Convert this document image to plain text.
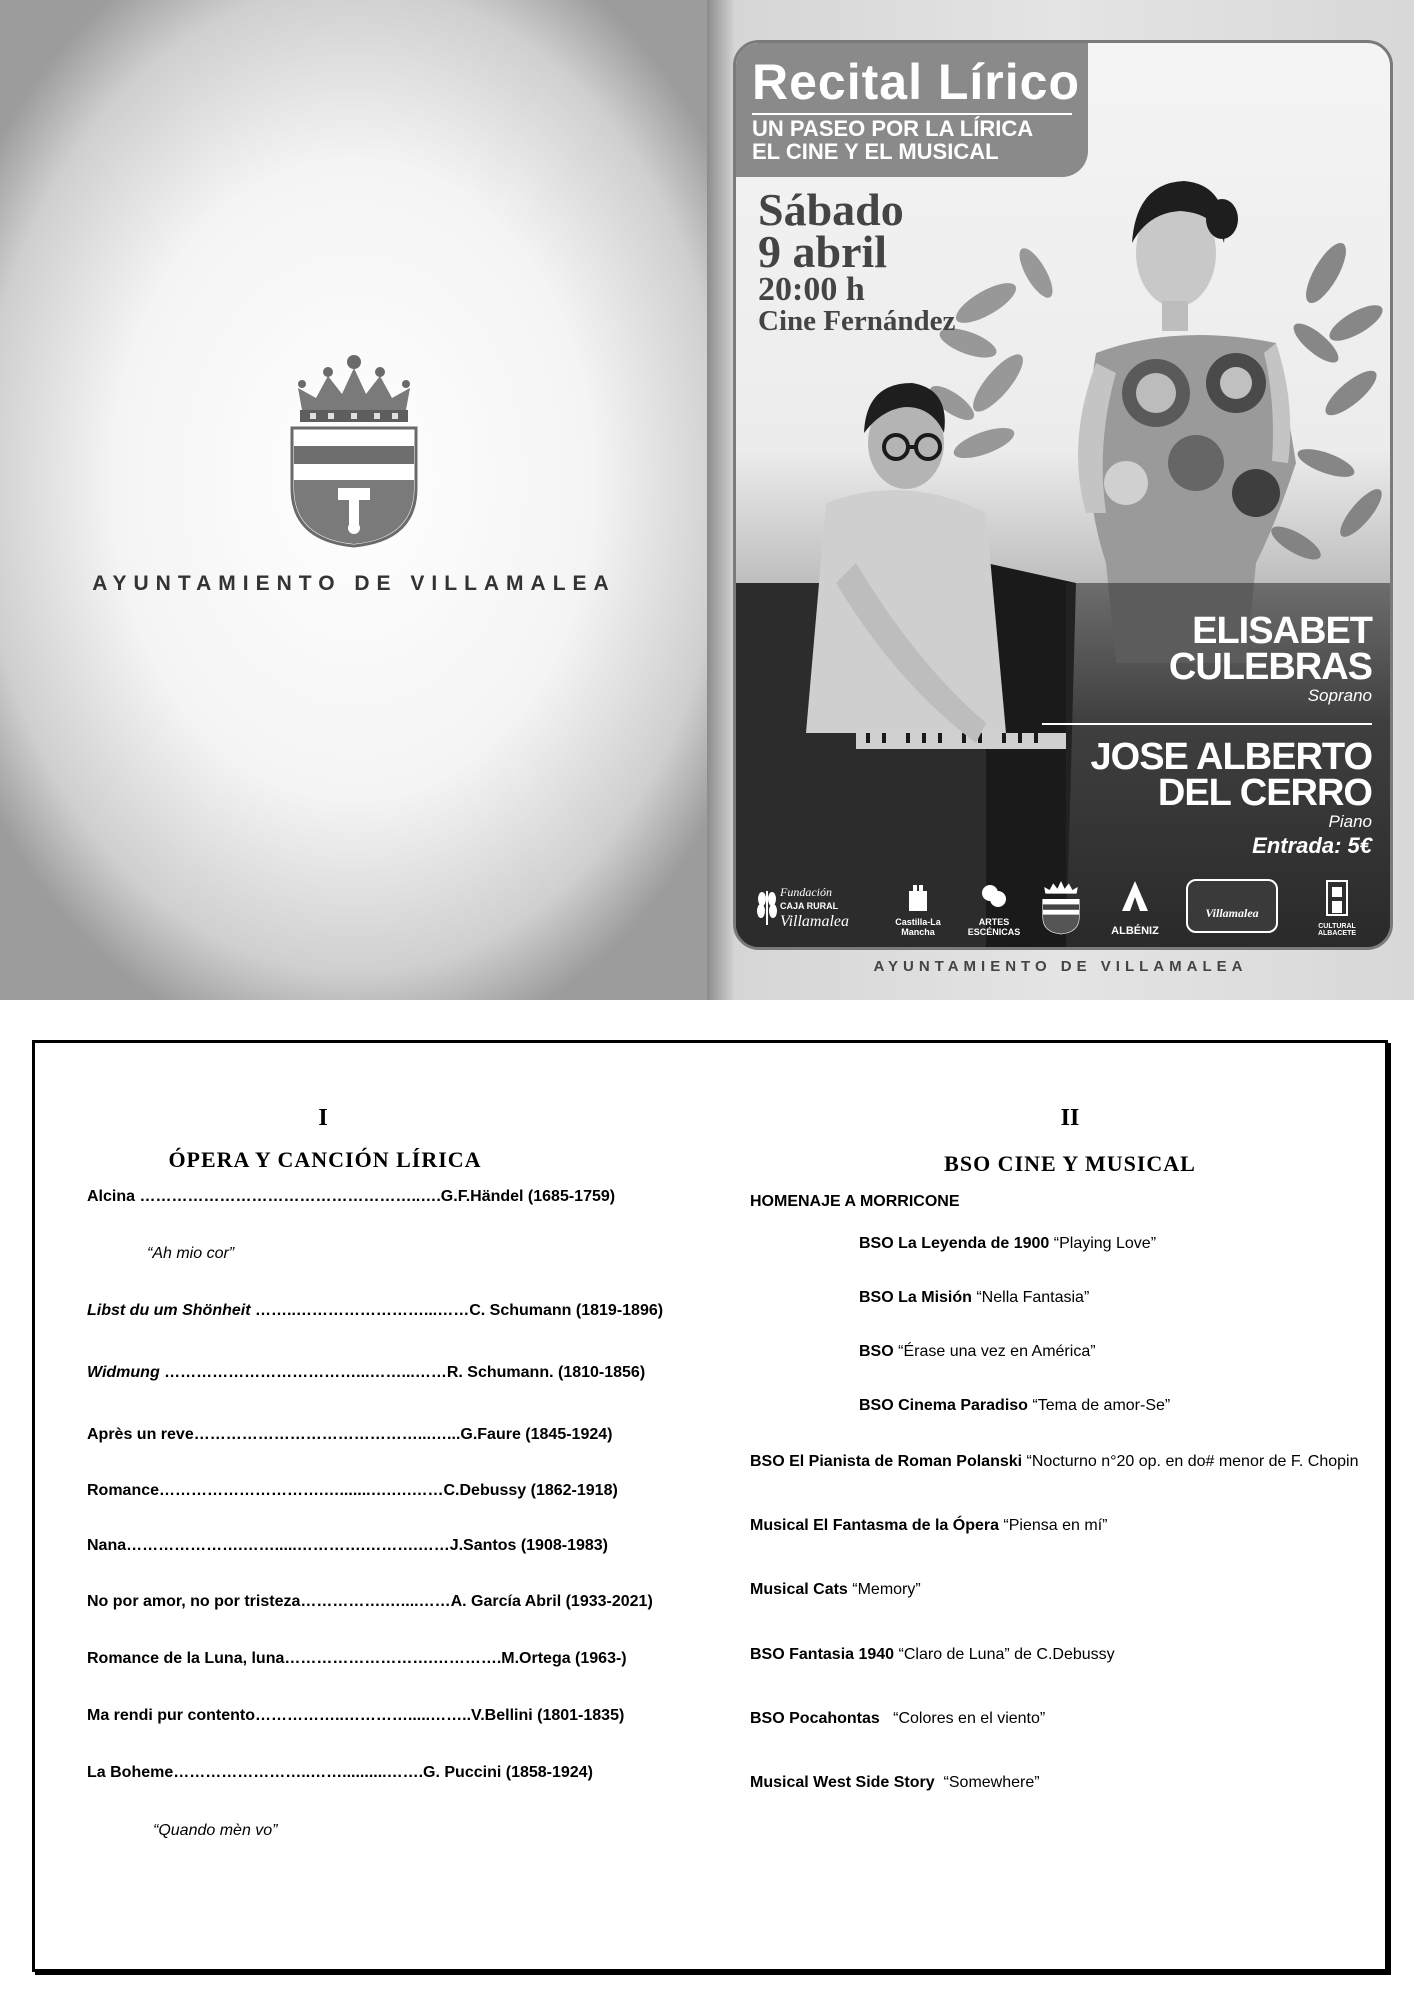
AYUNTAMIENTO DE VILLAMALEA
Recital Lírico
UN PASEO POR LA LÍRICA
EL CINE Y EL MUSICAL
Sábado
9 abril
20:00 h
Cine Fernández
ELISABET
CULEBRAS
Soprano
JOSE ALBERTO
DEL CERRO
Piano
Entrada: 5€
Fundación
CAJA RURAL
Villamalea	Castilla-La Mancha
ARTES ESCÉNICAS	ALBÉNIZ
Villamalea
CULTURAL ALBACETE
AYUNTAMIENTO DE VILLAMALEA
I
ÓPERA Y CANCIÓN LÍRICA
Alcina ……………………………………………..….G.F.Händel (1685-1759)
“Ah mio cor”
Libst du um Shönheit ……..……………………...……C. Schumann (1819-1896)
Widmung ………………………………...……...……R. Schumann. (1810-1856)
Après un reve……………………………………...…...G.Faure (1845-1924)
Romance………………………….….......….….……C.Debussy (1862-1918)
Nana………………….…….....………….……….……J.Santos (1908-1983)
No por amor, no por tristeza…………….…....……A. García Abril (1933-2021)
Romance de la Luna, luna……………………….………….M.Ortega (1963-)
Ma rendi pur contento……………..………….....……..V.Bellini (1801-1835)
La Boheme……………………..……..........…….G. Puccini (1858-1924)
“Quando mèn vo”
II
BSO CINE Y MUSICAL
HOMENAJE A MORRICONE
BSO La Leyenda de 1900 “Playing Love”
BSO La Misión “Nella Fantasia”
BSO “Érase una vez en América”
BSO Cinema Paradiso “Tema de amor-Se”
BSO El Pianista de Roman Polanski “Nocturno n°20 op. en do# menor de F. Chopin
Musical El Fantasma de la Ópera “Piensa en mí”
Musical Cats “Memory”
BSO Fantasia 1940 “Claro de Luna” de C.Debussy
BSO Pocahontas   “Colores en el viento”
Musical West Side Story  “Somewhere”
